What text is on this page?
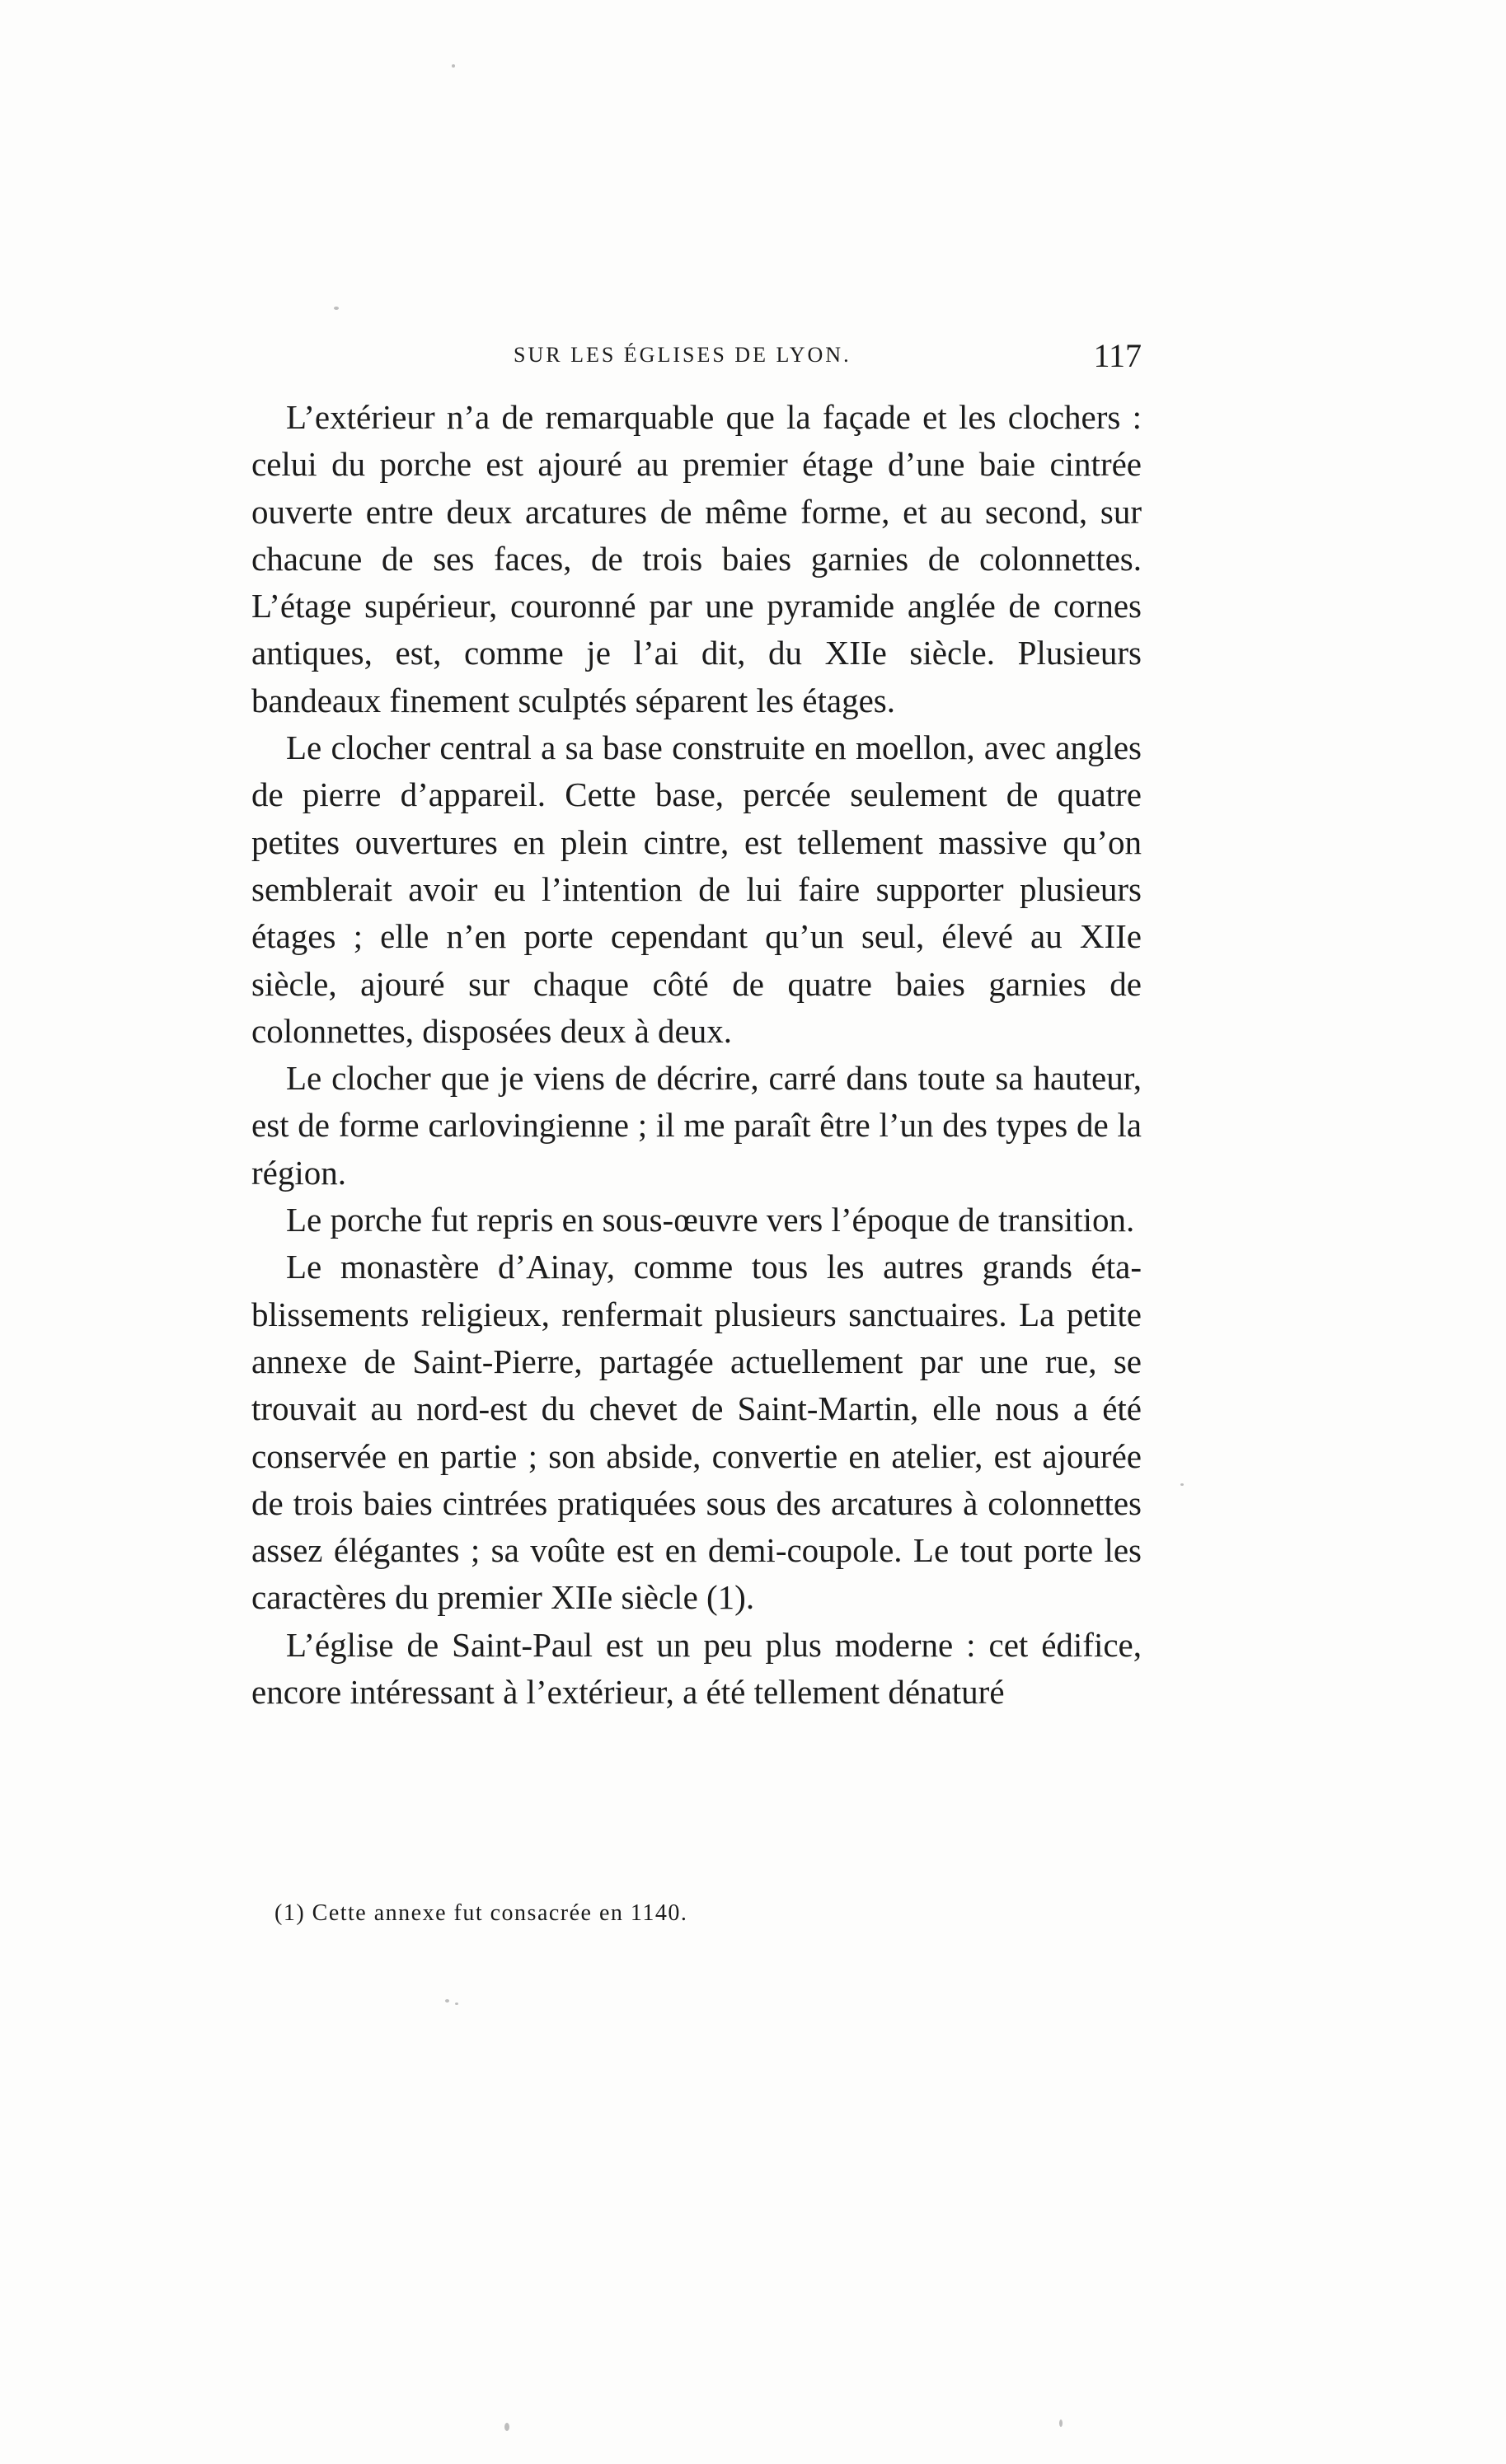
SUR LES ÉGLISES DE LYON.	117

L’extérieur n’a de remarquable que la façade et les clochers : celui du porche est ajouré au premier étage d’une baie cintrée ouverte entre deux arcatures de même forme, et au second, sur chacune de ses faces, de trois baies garnies de colonnettes. L’étage supérieur, couronné par une pyramide anglée de cornes antiques, est, comme je l’ai dit, du XIIe siècle. Plusieurs bandeaux finement sculptés séparent les étages.

Le clocher central a sa base construite en moellon, avec angles de pierre d’appareil. Cette base, percée seulement de quatre petites ouvertures en plein cintre, est tellement massive qu’on semblerait avoir eu l’intention de lui faire supporter plusieurs étages ; elle n’en porte cependant qu’un seul, élevé au XIIe siècle, ajouré sur chaque côté de quatre baies garnies de colonnettes, disposées deux à deux.

Le clocher que je viens de décrire, carré dans toute sa hauteur, est de forme carlovingienne ; il me paraît être l’un des types de la région.

Le porche fut repris en sous-œuvre vers l’époque de transition.

Le monastère d’Ainay, comme tous les autres grands établissements religieux, renfermait plusieurs sanctuaires. La petite annexe de Saint-Pierre, partagée actuellement par une rue, se trouvait au nord-est du chevet de Saint-Martin, elle nous a été conservée en partie ; son abside, convertie en atelier, est ajourée de trois baies cintrées pratiquées sous des arcatures à colonnettes assez élégantes ; sa voûte est en demi-coupole. Le tout porte les caractères du premier XIIe siècle (1).

L’église de Saint-Paul est un peu plus moderne : cet édifice, encore intéressant à l’extérieur, a été tellement dénaturé

(1) Cette annexe fut consacrée en 1140.
